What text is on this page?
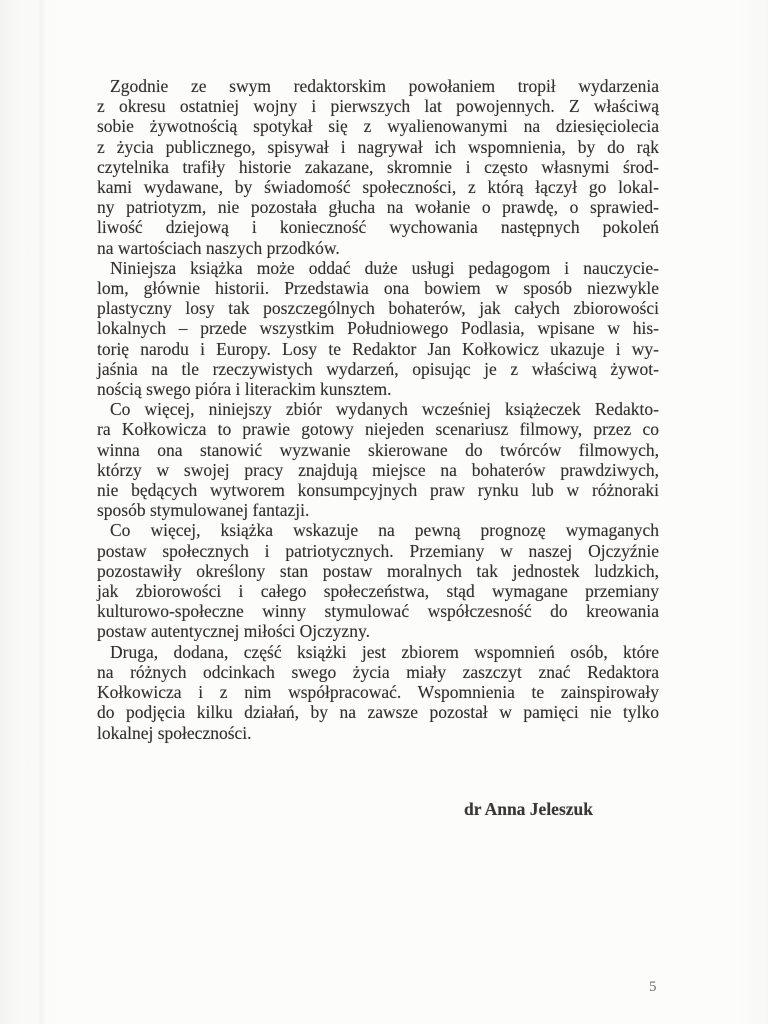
Zgodnie ze swym redaktorskim powołaniem tropił wydarzenia
z okresu ostatniej wojny i pierwszych lat powojennych. Z właściwą
sobie żywotnością spotykał się z wyalienowanymi na dziesięciolecia
z życia publicznego, spisywał i nagrywał ich wspomnienia, by do rąk
czytelnika trafiły historie zakazane, skromnie i często własnymi środ-
kami wydawane, by świadomość społeczności, z którą łączył go lokal-
ny patriotyzm, nie pozostała głucha na wołanie o prawdę, o sprawied-
liwość dziejową i konieczność wychowania następnych pokoleń
na wartościach naszych przodków.
Niniejsza książka może oddać duże usługi pedagogom i nauczycie-
lom, głównie historii. Przedstawia ona bowiem w sposób niezwykle
plastyczny losy tak poszczególnych bohaterów, jak całych zbiorowości
lokalnych – przede wszystkim Południowego Podlasia, wpisane w his-
torię narodu i Europy. Losy te Redaktor Jan Kołkowicz ukazuje i wy-
jaśnia na tle rzeczywistych wydarzeń, opisując je z właściwą żywot-
nością swego pióra i literackim kunsztem.
Co więcej, niniejszy zbiór wydanych wcześniej książeczek Redakto-
ra Kołkowicza to prawie gotowy niejeden scenariusz filmowy, przez co
winna ona stanowić wyzwanie skierowane do twórców filmowych,
którzy w swojej pracy znajdują miejsce na bohaterów prawdziwych,
nie będących wytworem konsumpcyjnych praw rynku lub w różnoraki
sposób stymulowanej fantazji.
Co więcej, książka wskazuje na pewną prognozę wymaganych
postaw społecznych i patriotycznych. Przemiany w naszej Ojczyźnie
pozostawiły określony stan postaw moralnych tak jednostek ludzkich,
jak zbiorowości i całego społeczeństwa, stąd wymagane przemiany
kulturowo-społeczne winny stymulować współczesność do kreowania
postaw autentycznej miłości Ojczyzny.
Druga, dodana, część książki jest zbiorem wspomnień osób, które
na różnych odcinkach swego życia miały zaszczyt znać Redaktora
Kołkowicza i z nim współpracować. Wspomnienia te zainspirowały
do podjęcia kilku działań, by na zawsze pozostał w pamięci nie tylko
lokalnej społeczności.
dr Anna Jeleszuk
5
